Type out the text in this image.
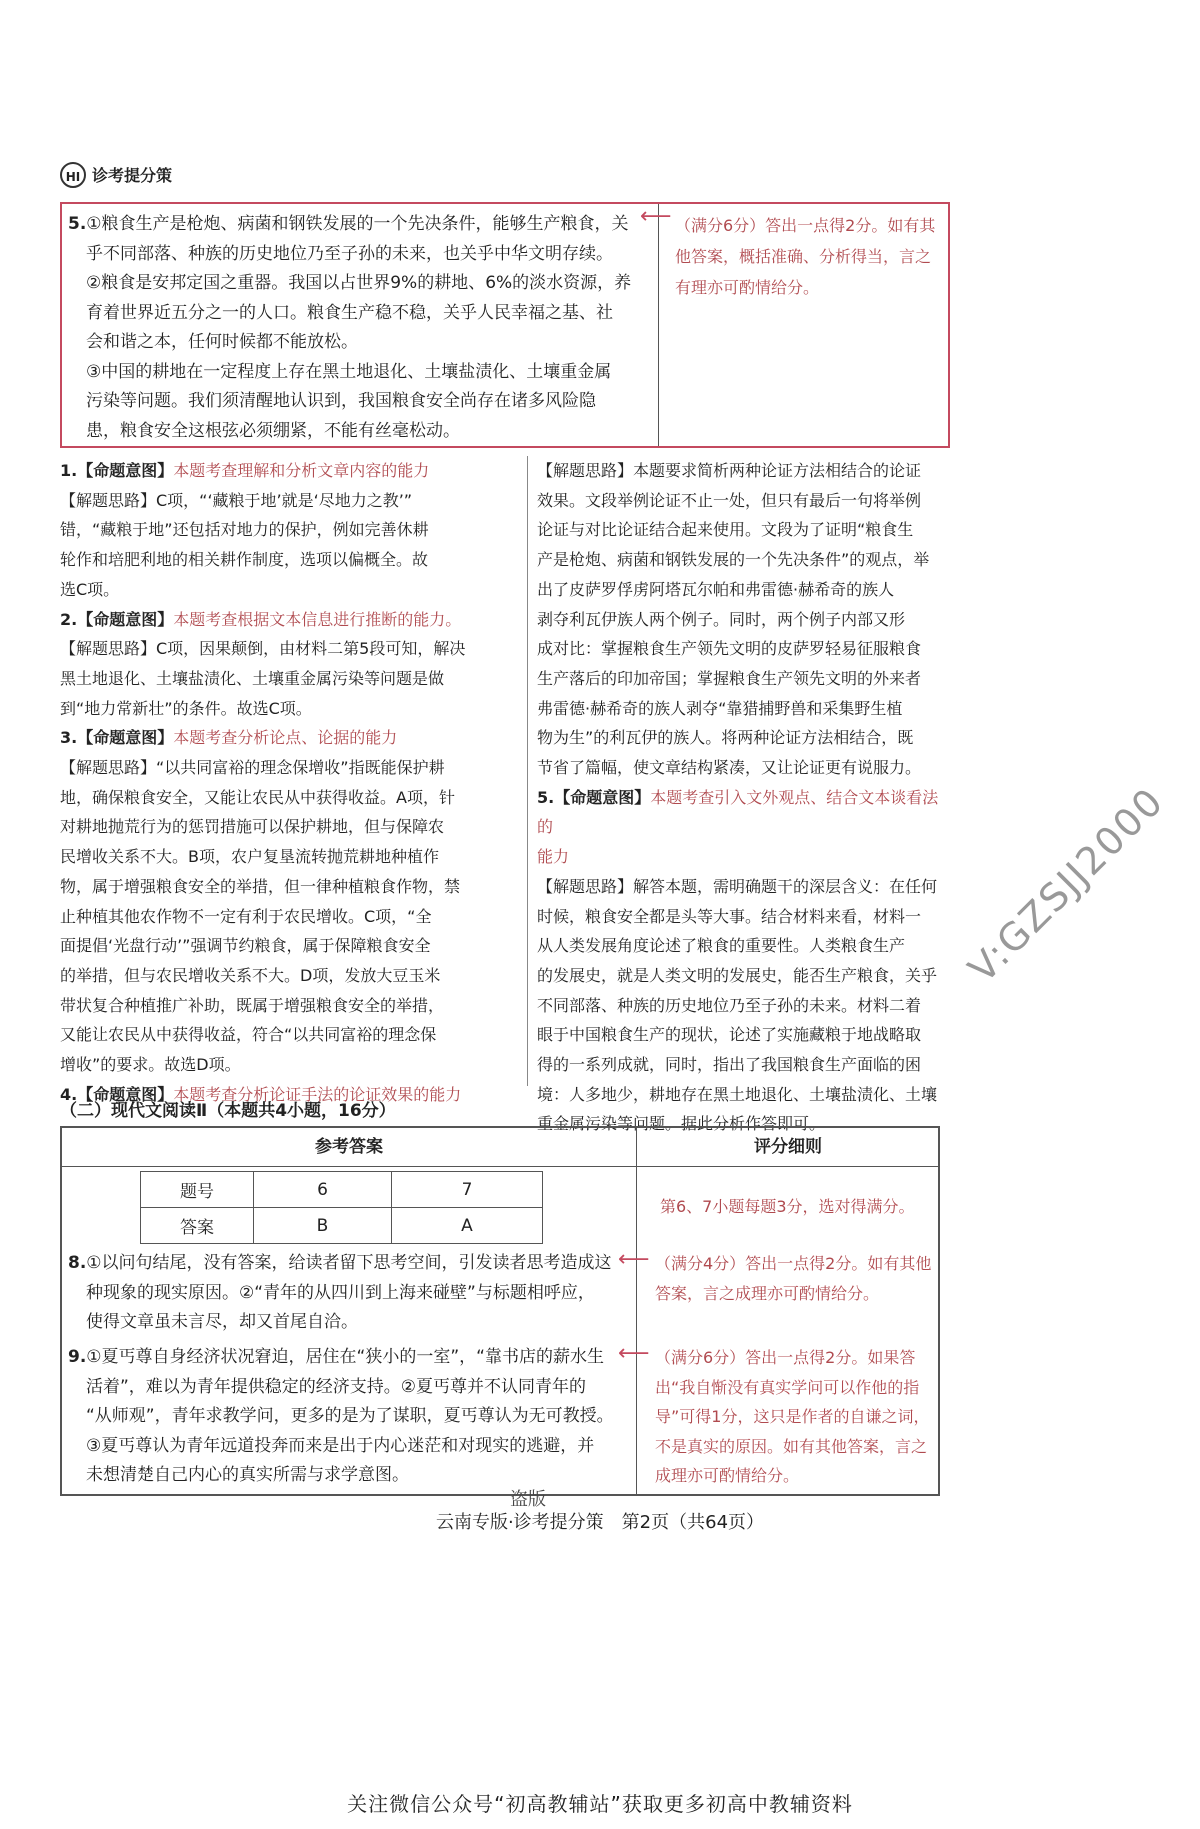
HI 诊考提分策

5.①粮食生产是枪炮、病菌和钢铁发展的一个先决条件，能够生产粮食，关

乎不同部落、种族的历史地位乃至子孙的未来，也关乎中华文明存续。

②粮食是安邦定国之重器。我国以占世界9%的耕地、6%的淡水资源，养

育着世界近五分之一的人口。粮食生产稳不稳，关乎人民幸福之基、社

会和谐之本，任何时候都不能放松。

③中国的耕地在一定程度上存在黑土地退化、土壤盐渍化、土壤重金属

污染等问题。我们须清醒地认识到，我国粮食安全尚存在诸多风险隐

患，粮食安全这根弦必须绷紧，不能有丝毫松动。

⟵ （满分6分）答出一点得2分。如有其他答案，概括准确、分析得当，言之有理亦可酌情给分。

1.【命题意图】本题考查理解和分析文章内容的能力

【解题思路】C项，“‘藏粮于地’就是‘尽地力之教’”

错，“藏粮于地”还包括对地力的保护，例如完善休耕

轮作和培肥利地的相关耕作制度，选项以偏概全。故

选C项。

2.【命题意图】本题考查根据文本信息进行推断的能力。

【解题思路】C项，因果颠倒，由材料二第5段可知，解决

黑土地退化、土壤盐渍化、土壤重金属污染等问题是做

到“地力常新壮”的条件。故选C项。

3.【命题意图】本题考查分析论点、论据的能力

【解题思路】“以共同富裕的理念保增收”指既能保护耕

地，确保粮食安全，又能让农民从中获得收益。A项，针

对耕地抛荒行为的惩罚措施可以保护耕地，但与保障农

民增收关系不大。B项，农户复垦流转抛荒耕地种植作

物，属于增强粮食安全的举措，但一律种植粮食作物，禁

止种植其他农作物不一定有利于农民增收。C项，“全

面提倡‘光盘行动’”强调节约粮食，属于保障粮食安全

的举措，但与农民增收关系不大。D项，发放大豆玉米

带状复合种植推广补助，既属于增强粮食安全的举措，

又能让农民从中获得收益，符合“以共同富裕的理念保

增收”的要求。故选D项。

4.【命题意图】本题考查分析论证手法的论证效果的能力

【解题思路】本题要求简析两种论证方法相结合的论证

效果。文段举例论证不止一处，但只有最后一句将举例

论证与对比论证结合起来使用。文段为了证明“粮食生

产是枪炮、病菌和钢铁发展的一个先决条件”的观点，举

出了皮萨罗俘虏阿塔瓦尔帕和弗雷德·赫希奇的族人

剥夺利瓦伊族人两个例子。同时，两个例子内部又形

成对比：掌握粮食生产领先文明的皮萨罗轻易征服粮食

生产落后的印加帝国；掌握粮食生产领先文明的外来者

弗雷德·赫希奇的族人剥夺“靠猎捕野兽和采集野生植

物为生”的利瓦伊的族人。将两种论证方法相结合，既

节省了篇幅，使文章结构紧凑，又让论证更有说服力。

5.【命题意图】本题考查引入文外观点、结合文本谈看法的

能力

【解题思路】解答本题，需明确题干的深层含义：在任何

时候，粮食安全都是头等大事。结合材料来看，材料一

从人类发展角度论述了粮食的重要性。人类粮食生产

的发展史，就是人类文明的发展史，能否生产粮食，关乎

不同部落、种族的历史地位乃至子孙的未来。材料二着

眼于中国粮食生产的现状，论述了实施藏粮于地战略取

得的一系列成就，同时，指出了我国粮食生产面临的困

境：人多地少，耕地存在黑土地退化、土壤盐渍化、土壤

重金属污染等问题。据此分析作答即可。

（二）现代文阅读Ⅱ（本题共4小题，16分）
参考答案	评分细则
题号	6	7
答案	B	A
第6、7小题每题3分，选对得满分。

8.①以问句结尾，没有答案，给读者留下思考空间，引发读者思考造成这

种现象的现实原因。②“青年的从四川到上海来碰壁”与标题相呼应，

使得文章虽未言尽，却又首尾自洽。

⟵ （满分4分）答出一点得2分。如有其他答案，言之成理亦可酌情给分。

9.①夏丐尊自身经济状况窘迫，居住在“狭小的一室”，“靠书店的薪水生

活着”，难以为青年提供稳定的经济支持。②夏丐尊并不认同青年的

“从师观”，青年求教学问，更多的是为了谋职，夏丐尊认为无可教授。

③夏丐尊认为青年远道投奔而来是出于内心迷茫和对现实的逃避，并

未想清楚自己内心的真实所需与求学意图。

⟵ （满分6分）答出一点得2分。如果答出“我自惭没有真实学问可以作他的指导”可得1分，这只是作者的自谦之词，不是真实的原因。如有其他答案，言之成理亦可酌情给分。
盗版
云南专版·诊考提分策　第2页（共64页）
V:GZSJJ2000
关注微信公众号“初高教辅站”获取更多初高中教辅资料
